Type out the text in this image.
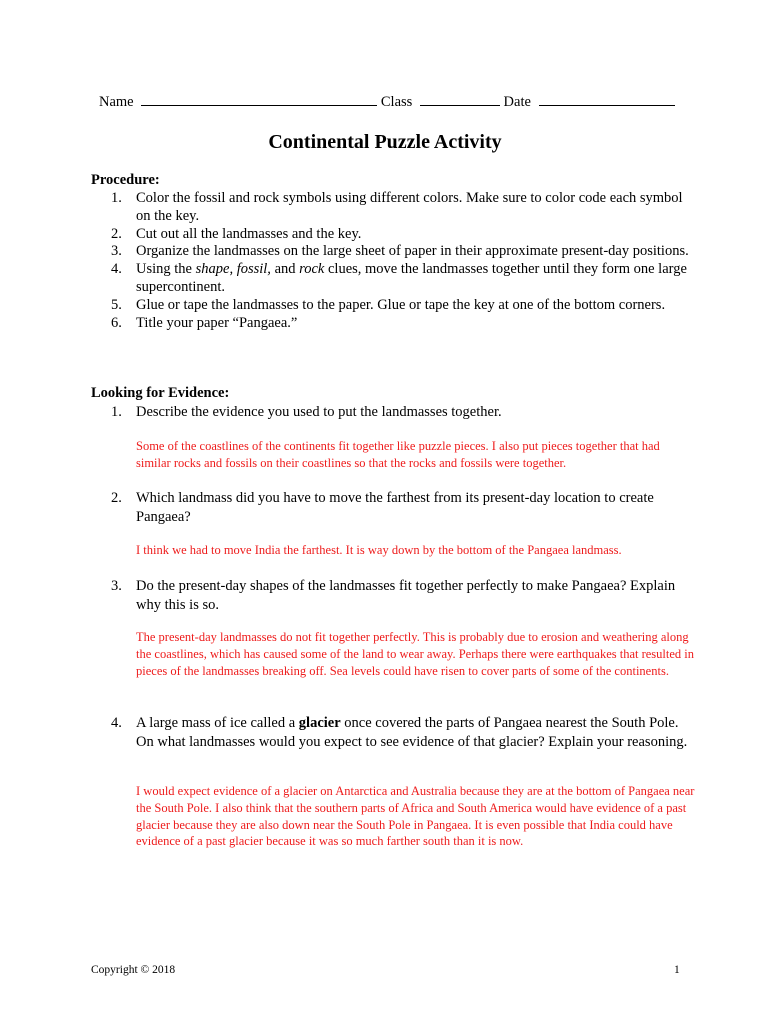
Name	Class	Date
Continental Puzzle Activity
Procedure:
1. Color the fossil and rock symbols using different colors. Make sure to color code each symbol on the key.
2. Cut out all the landmasses and the key.
3. Organize the landmasses on the large sheet of paper in their approximate present-day positions.
4. Using the shape, fossil, and rock clues, move the landmasses together until they form one large supercontinent.
5. Glue or tape the landmasses to the paper. Glue or tape the key at one of the bottom corners.
6. Title your paper “Pangaea.”
Looking for Evidence:
1. Describe the evidence you used to put the landmasses together.
Some of the coastlines of the continents fit together like puzzle pieces. I also put pieces together that had similar rocks and fossils on their coastlines so that the rocks and fossils were together.
2. Which landmass did you have to move the farthest from its present-day location to create Pangaea?
I think we had to move India the farthest. It is way down by the bottom of the Pangaea landmass.
3. Do the present-day shapes of the landmasses fit together perfectly to make Pangaea? Explain why this is so.
The present-day landmasses do not fit together perfectly. This is probably due to erosion and weathering along the coastlines, which has caused some of the land to wear away. Perhaps there were earthquakes that resulted in pieces of the landmasses breaking off. Sea levels could have risen to cover parts of some of the continents.
4. A large mass of ice called a glacier once covered the parts of Pangaea nearest the South Pole. On what landmasses would you expect to see evidence of that glacier? Explain your reasoning.
I would expect evidence of a glacier on Antarctica and Australia because they are at the bottom of Pangaea near the South Pole. I also think that the southern parts of Africa and South America would have evidence of a past glacier because they are also down near the South Pole in Pangaea. It is even possible that India could have evidence of a past glacier because it was so much farther south than it is now.
Copyright © 2018	1
